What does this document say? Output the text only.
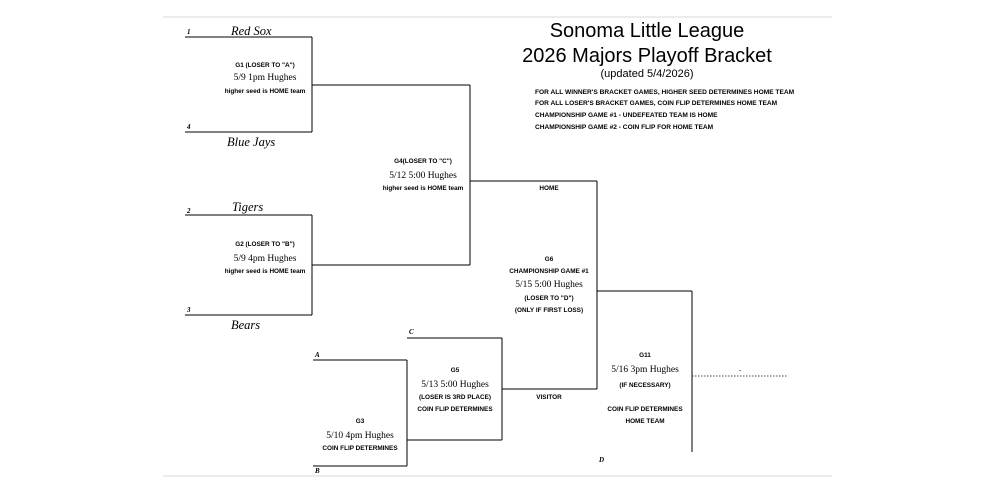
Sonoma Little League
2026 Majors Playoff Bracket
(updated 5/4/2026)
FOR ALL WINNER'S BRACKET GAMES, HIGHER SEED DETERMINES HOME TEAM
FOR ALL LOSER'S BRACKET GAMES, COIN FLIP DETERMINES HOME TEAM
CHAMPIONSHIP GAME #1 - UNDEFEATED TEAM IS HOME
CHAMPIONSHIP GAME #2 - COIN FLIP FOR HOME TEAM
1	Red Sox
4
Blue Jays
G1 (LOSER TO "A")
5/9 1pm Hughes
higher seed is HOME team
2	Tigers
3
Bears
G2 (LOSER TO "B")
5/9 4pm Hughes
higher seed is HOME team
G4(LOSER TO "C")
5/12 5:00 Hughes
higher seed is HOME team	HOME
VISITOR
G6
CHAMPIONSHIP GAME #1
5/15 5:00 Hughes
(LOSER TO "D")
(ONLY IF FIRST LOSS)
A
B
G3
5/10 4pm Hughes
COIN FLIP DETERMINES
C
G5
5/13 5:00 Hughes
(LOSER IS 3RD PLACE)
COIN FLIP DETERMINES
D
G11
5/16 3pm Hughes
(IF NECESSARY)
COIN FLIP DETERMINES
HOME TEAM
.
